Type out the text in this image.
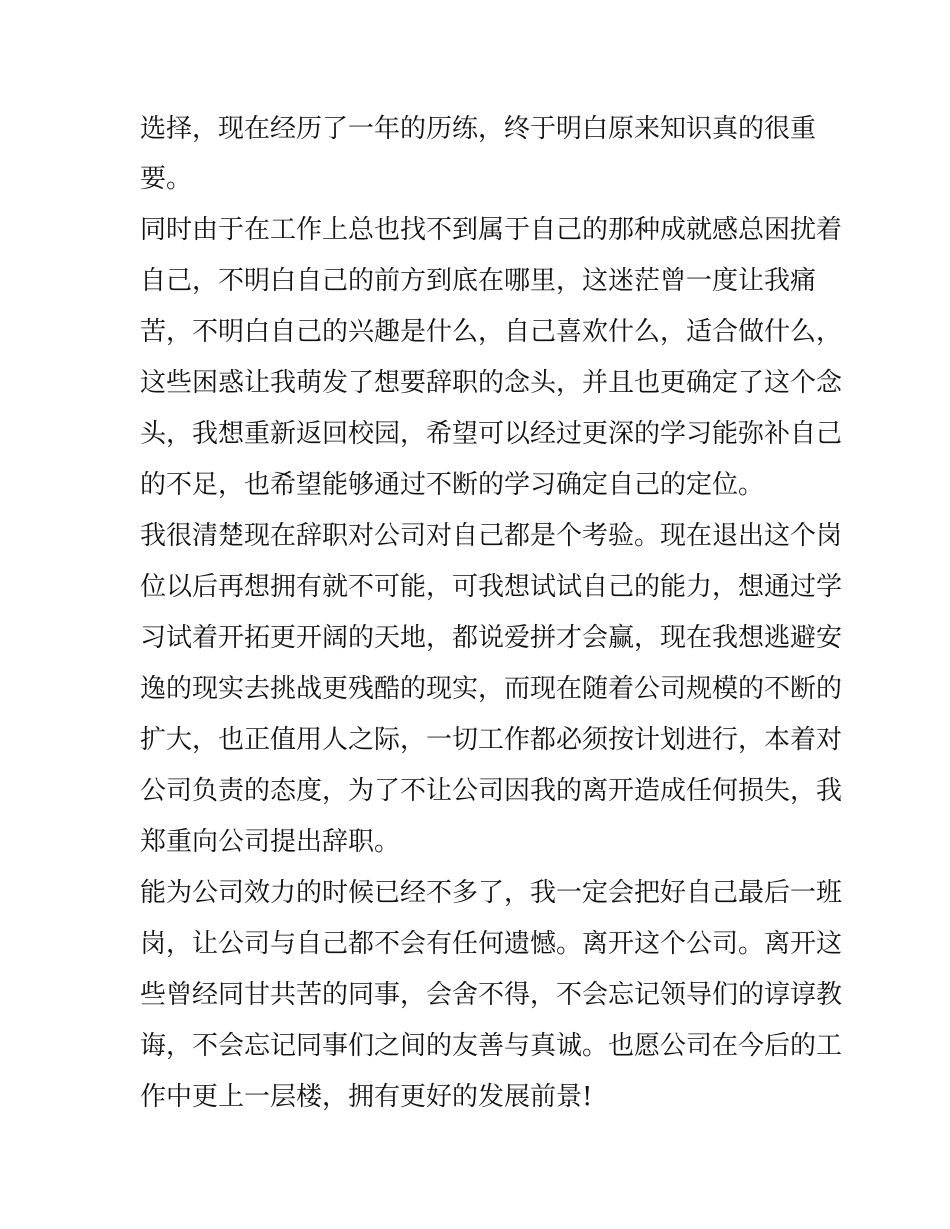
选择，现在经历了一年的历练，终于明白原来知识真的很重
要。
同时由于在工作上总也找不到属于自己的那种成就感总困扰着
自己，不明白自己的前方到底在哪里，这迷茫曾一度让我痛
苦，不明白自己的兴趣是什么，自己喜欢什么，适合做什么，
这些困惑让我萌发了想要辞职的念头，并且也更确定了这个念
头，我想重新返回校园，希望可以经过更深的学习能弥补自己
的不足，也希望能够通过不断的学习确定自己的定位。
我很清楚现在辞职对公司对自己都是个考验。现在退出这个岗
位以后再想拥有就不可能，可我想试试自己的能力，想通过学
习试着开拓更开阔的天地，都说爱拼才会赢，现在我想逃避安
逸的现实去挑战更残酷的现实，而现在随着公司规模的不断的
扩大，也正值用人之际，一切工作都必须按计划进行，本着对
公司负责的态度，为了不让公司因我的离开造成任何损失，我
郑重向公司提出辞职。
能为公司效力的时候已经不多了，我一定会把好自己最后一班
岗，让公司与自己都不会有任何遗憾。离开这个公司。离开这
些曾经同甘共苦的同事，会舍不得，不会忘记领导们的谆谆教
诲，不会忘记同事们之间的友善与真诚。也愿公司在今后的工
作中更上一层楼，拥有更好的发展前景!
